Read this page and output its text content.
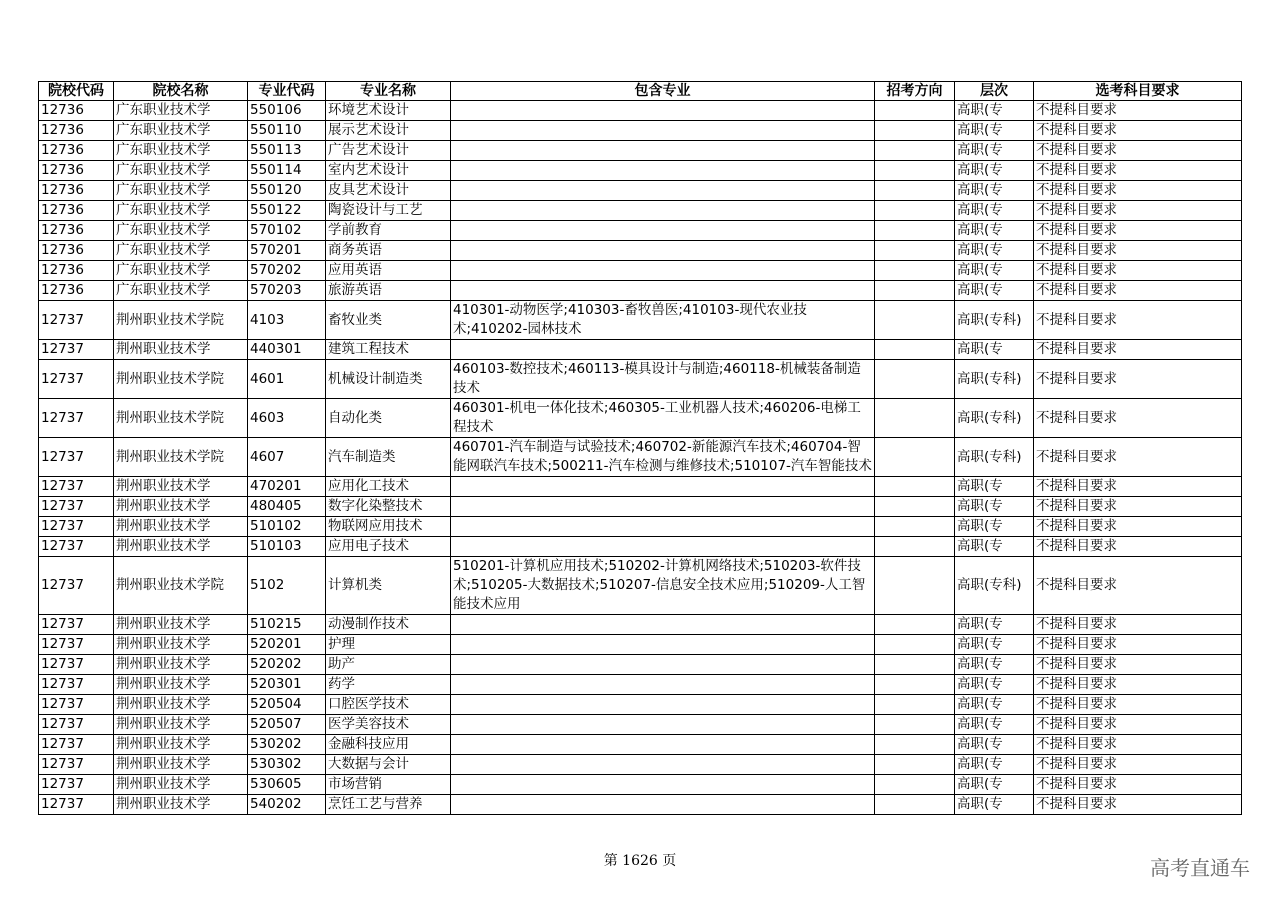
院校代码	院校名称	专业代码	专业名称	包含专业	招考方向	层次	选考科目要求
12736	广东职业技术学	550106	环境艺术设计			高职(专	不提科目要求
12736	广东职业技术学	550110	展示艺术设计			高职(专	不提科目要求
12736	广东职业技术学	550113	广告艺术设计			高职(专	不提科目要求
12736	广东职业技术学	550114	室内艺术设计			高职(专	不提科目要求
12736	广东职业技术学	550120	皮具艺术设计			高职(专	不提科目要求
12736	广东职业技术学	550122	陶瓷设计与工艺			高职(专	不提科目要求
12736	广东职业技术学	570102	学前教育			高职(专	不提科目要求
12736	广东职业技术学	570201	商务英语			高职(专	不提科目要求
12736	广东职业技术学	570202	应用英语			高职(专	不提科目要求
12736	广东职业技术学	570203	旅游英语			高职(专	不提科目要求
12737	荆州职业技术学院	4103	畜牧业类	410301-动物医学;410303-畜牧兽医;410103-现代农业技术;410202-园林技术		高职(专科)	不提科目要求
12737	荆州职业技术学	440301	建筑工程技术			高职(专	不提科目要求
12737	荆州职业技术学院	4601	机械设计制造类	460103-数控技术;460113-模具设计与制造;460118-机械装备制造技术		高职(专科)	不提科目要求
12737	荆州职业技术学院	4603	自动化类	460301-机电一体化技术;460305-工业机器人技术;460206-电梯工程技术		高职(专科)	不提科目要求
12737	荆州职业技术学院	4607	汽车制造类	460701-汽车制造与试验技术;460702-新能源汽车技术;460704-智能网联汽车技术;500211-汽车检测与维修技术;510107-汽车智能技术		高职(专科)	不提科目要求
12737	荆州职业技术学	470201	应用化工技术			高职(专	不提科目要求
12737	荆州职业技术学	480405	数字化染整技术			高职(专	不提科目要求
12737	荆州职业技术学	510102	物联网应用技术			高职(专	不提科目要求
12737	荆州职业技术学	510103	应用电子技术			高职(专	不提科目要求
12737	荆州职业技术学院	5102	计算机类	510201-计算机应用技术;510202-计算机网络技术;510203-软件技术;510205-大数据技术;510207-信息安全技术应用;510209-人工智能技术应用		高职(专科)	不提科目要求
12737	荆州职业技术学	510215	动漫制作技术			高职(专	不提科目要求
12737	荆州职业技术学	520201	护理			高职(专	不提科目要求
12737	荆州职业技术学	520202	助产			高职(专	不提科目要求
12737	荆州职业技术学	520301	药学			高职(专	不提科目要求
12737	荆州职业技术学	520504	口腔医学技术			高职(专	不提科目要求
12737	荆州职业技术学	520507	医学美容技术			高职(专	不提科目要求
12737	荆州职业技术学	530202	金融科技应用			高职(专	不提科目要求
12737	荆州职业技术学	530302	大数据与会计			高职(专	不提科目要求
12737	荆州职业技术学	530605	市场营销			高职(专	不提科目要求
12737	荆州职业技术学	540202	烹饪工艺与营养			高职(专	不提科目要求
第 1626 页	高考直通车
